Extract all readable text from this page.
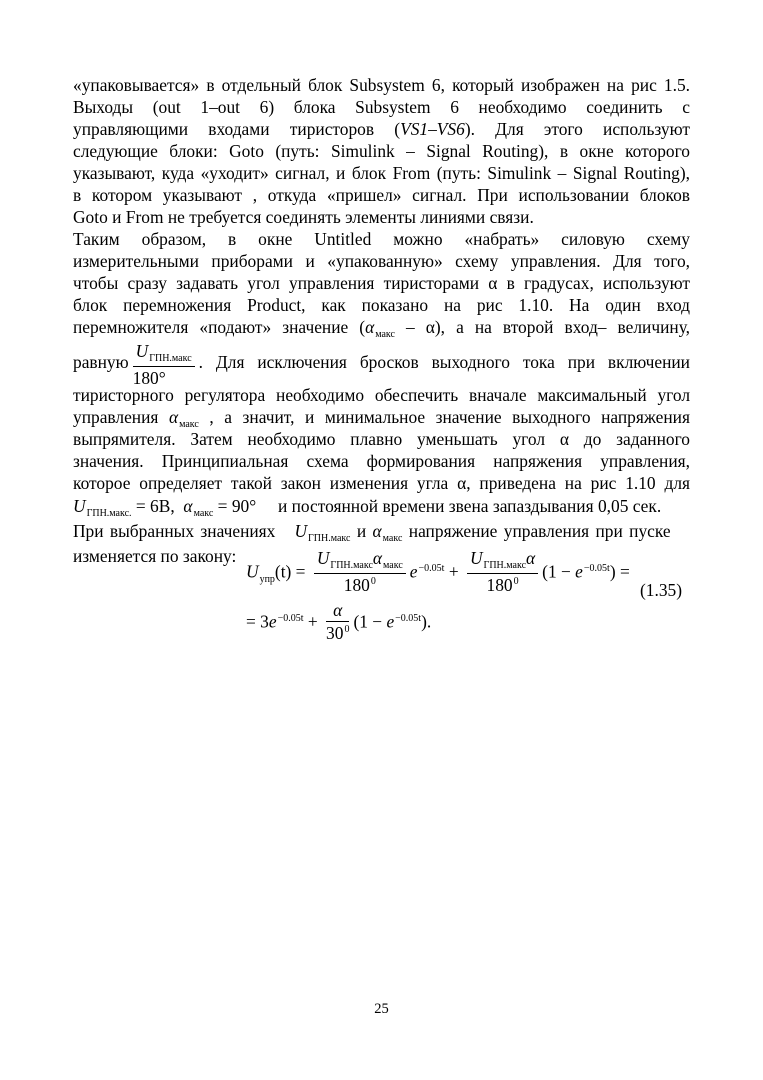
«упаковывается» в отдельный блок Subsystem 6, который изображен на рис 1.5.
Выходы (out 1–out 6) блока Subsystem 6 необходимо соединить с
управляющими входами тиристоров (VS1–VS6). Для этого используют
следующие блоки: Goto (путь: Simulink – Signal Routing), в окне которого
указывают, куда «уходит» сигнал, и блок From (путь: Simulink – Signal Routing),
в котором указывают , откуда «пришел» сигнал. При использовании блоков
Goto и From не требуется соединять элементы линиями связи.
Таким образом, в окне Untitled можно «набрать» силовую схему
измерительными приборами и «упакованную» схему управления. Для того,
чтобы сразу задавать угол управления тиристорами α в градусах, используют
блок перемножения Product, как показано на рис 1.10. На один вход
перемножителя «подают» значение $(\alpha_{макс} - \alpha)$, а на второй вход– величину,
равную $\frac{U_{ГПН.макс}}{180^\circ}$ . Для исключения бросков выходного тока при включении
тиристорного регулятора необходимо обеспечить вначале максимальный угол
управления $\alpha_{макс}$ , а значит, и минимальное значение выходного напряжения
выпрямителя. Затем необходимо плавно уменьшать угол α до заданного
значения. Принципиальная схема формирования напряжения управления,
которое определяет такой закон изменения угла α, приведена на рис 1.10 для
$U_{ГПН.макс.} = 6В$, $\alpha_{макс} = 90^\circ$ и постоянной времени звена запаздывания 0,05 сек.
При выбранных значениях $U_{ГПН.макс}$ и $\alpha_{макс}$ напряжение управления при пуске
изменяется по закону:
$U_{упр}(t) = \frac{U_{ГПН.макс}\alpha_{макс}}{180^0} e^{-0.05t} + \frac{U_{ГПН.макс}\alpha}{180^0} (1 - e^{-0.05t})$ =
(1.35)
= $3e^{-0.05t} + \frac{\alpha}{30^0} (1 - e^{-0.05t})$.
25
